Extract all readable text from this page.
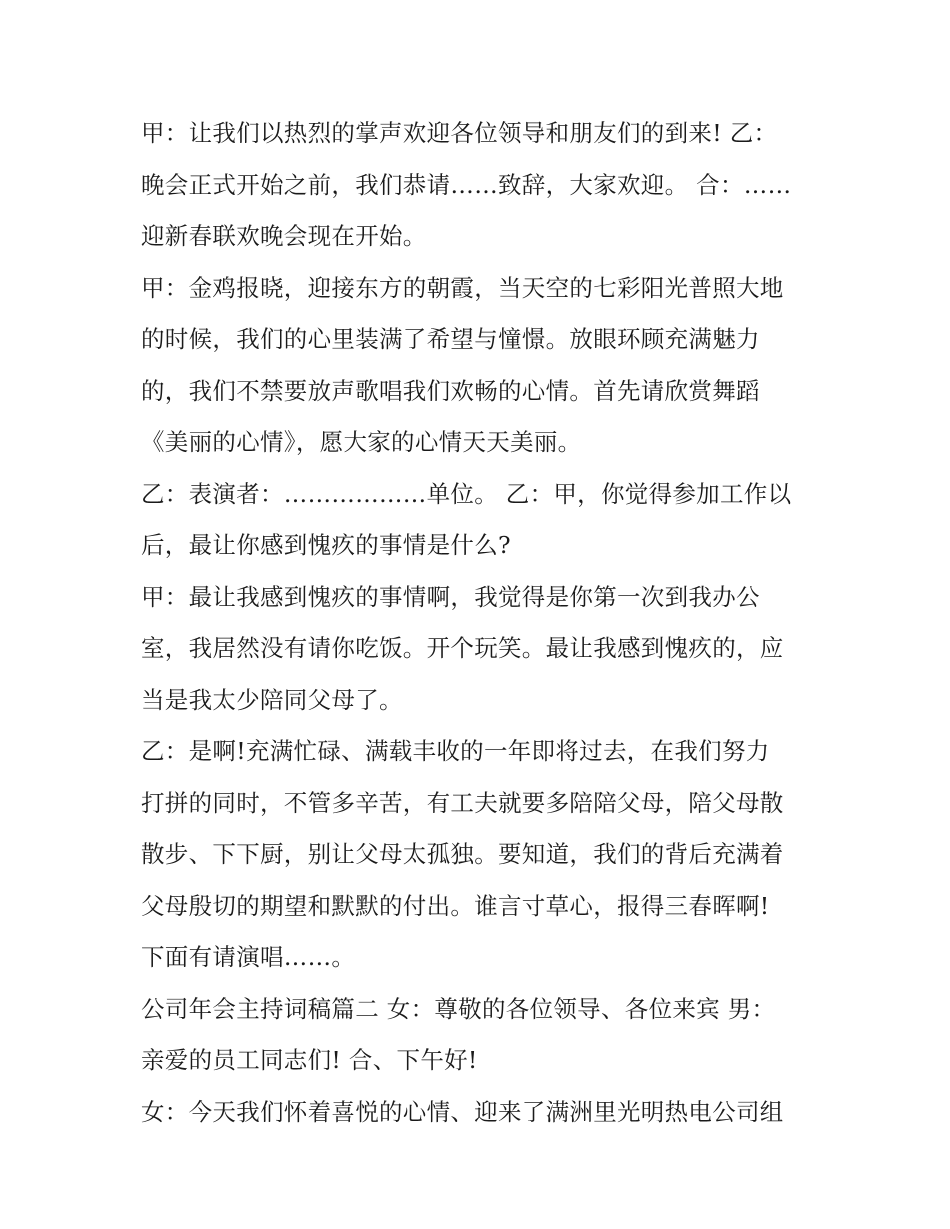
甲：让我们以热烈的掌声欢迎各位领导和朋友们的到来! 乙：
晚会正式开始之前，我们恭请……致辞，大家欢迎。 合：……
迎新春联欢晚会现在开始。
甲：金鸡报晓，迎接东方的朝霞，当天空的七彩阳光普照大地
的时候，我们的心里装满了希望与憧憬。放眼环顾充满魅力
的，我们不禁要放声歌唱我们欢畅的心情。首先请欣赏舞蹈
《美丽的心情》，愿大家的心情天天美丽。
乙：表演者：………………单位。 乙：甲，你觉得参加工作以
后，最让你感到愧疚的事情是什么?
甲：最让我感到愧疚的事情啊，我觉得是你第一次到我办公
室，我居然没有请你吃饭。开个玩笑。最让我感到愧疚的，应
当是我太少陪同父母了。
乙：是啊!充满忙碌、满载丰收的一年即将过去，在我们努力
打拼的同时，不管多辛苦，有工夫就要多陪陪父母，陪父母散
散步、下下厨，别让父母太孤独。要知道，我们的背后充满着
父母殷切的期望和默默的付出。谁言寸草心，报得三春晖啊!
下面有请演唱……。
公司年会主持词稿篇二 女：尊敬的各位领导、各位来宾 男：
亲爱的员工同志们! 合、下午好!
女：今天我们怀着喜悦的心情、迎来了满洲里光明热电公司组
